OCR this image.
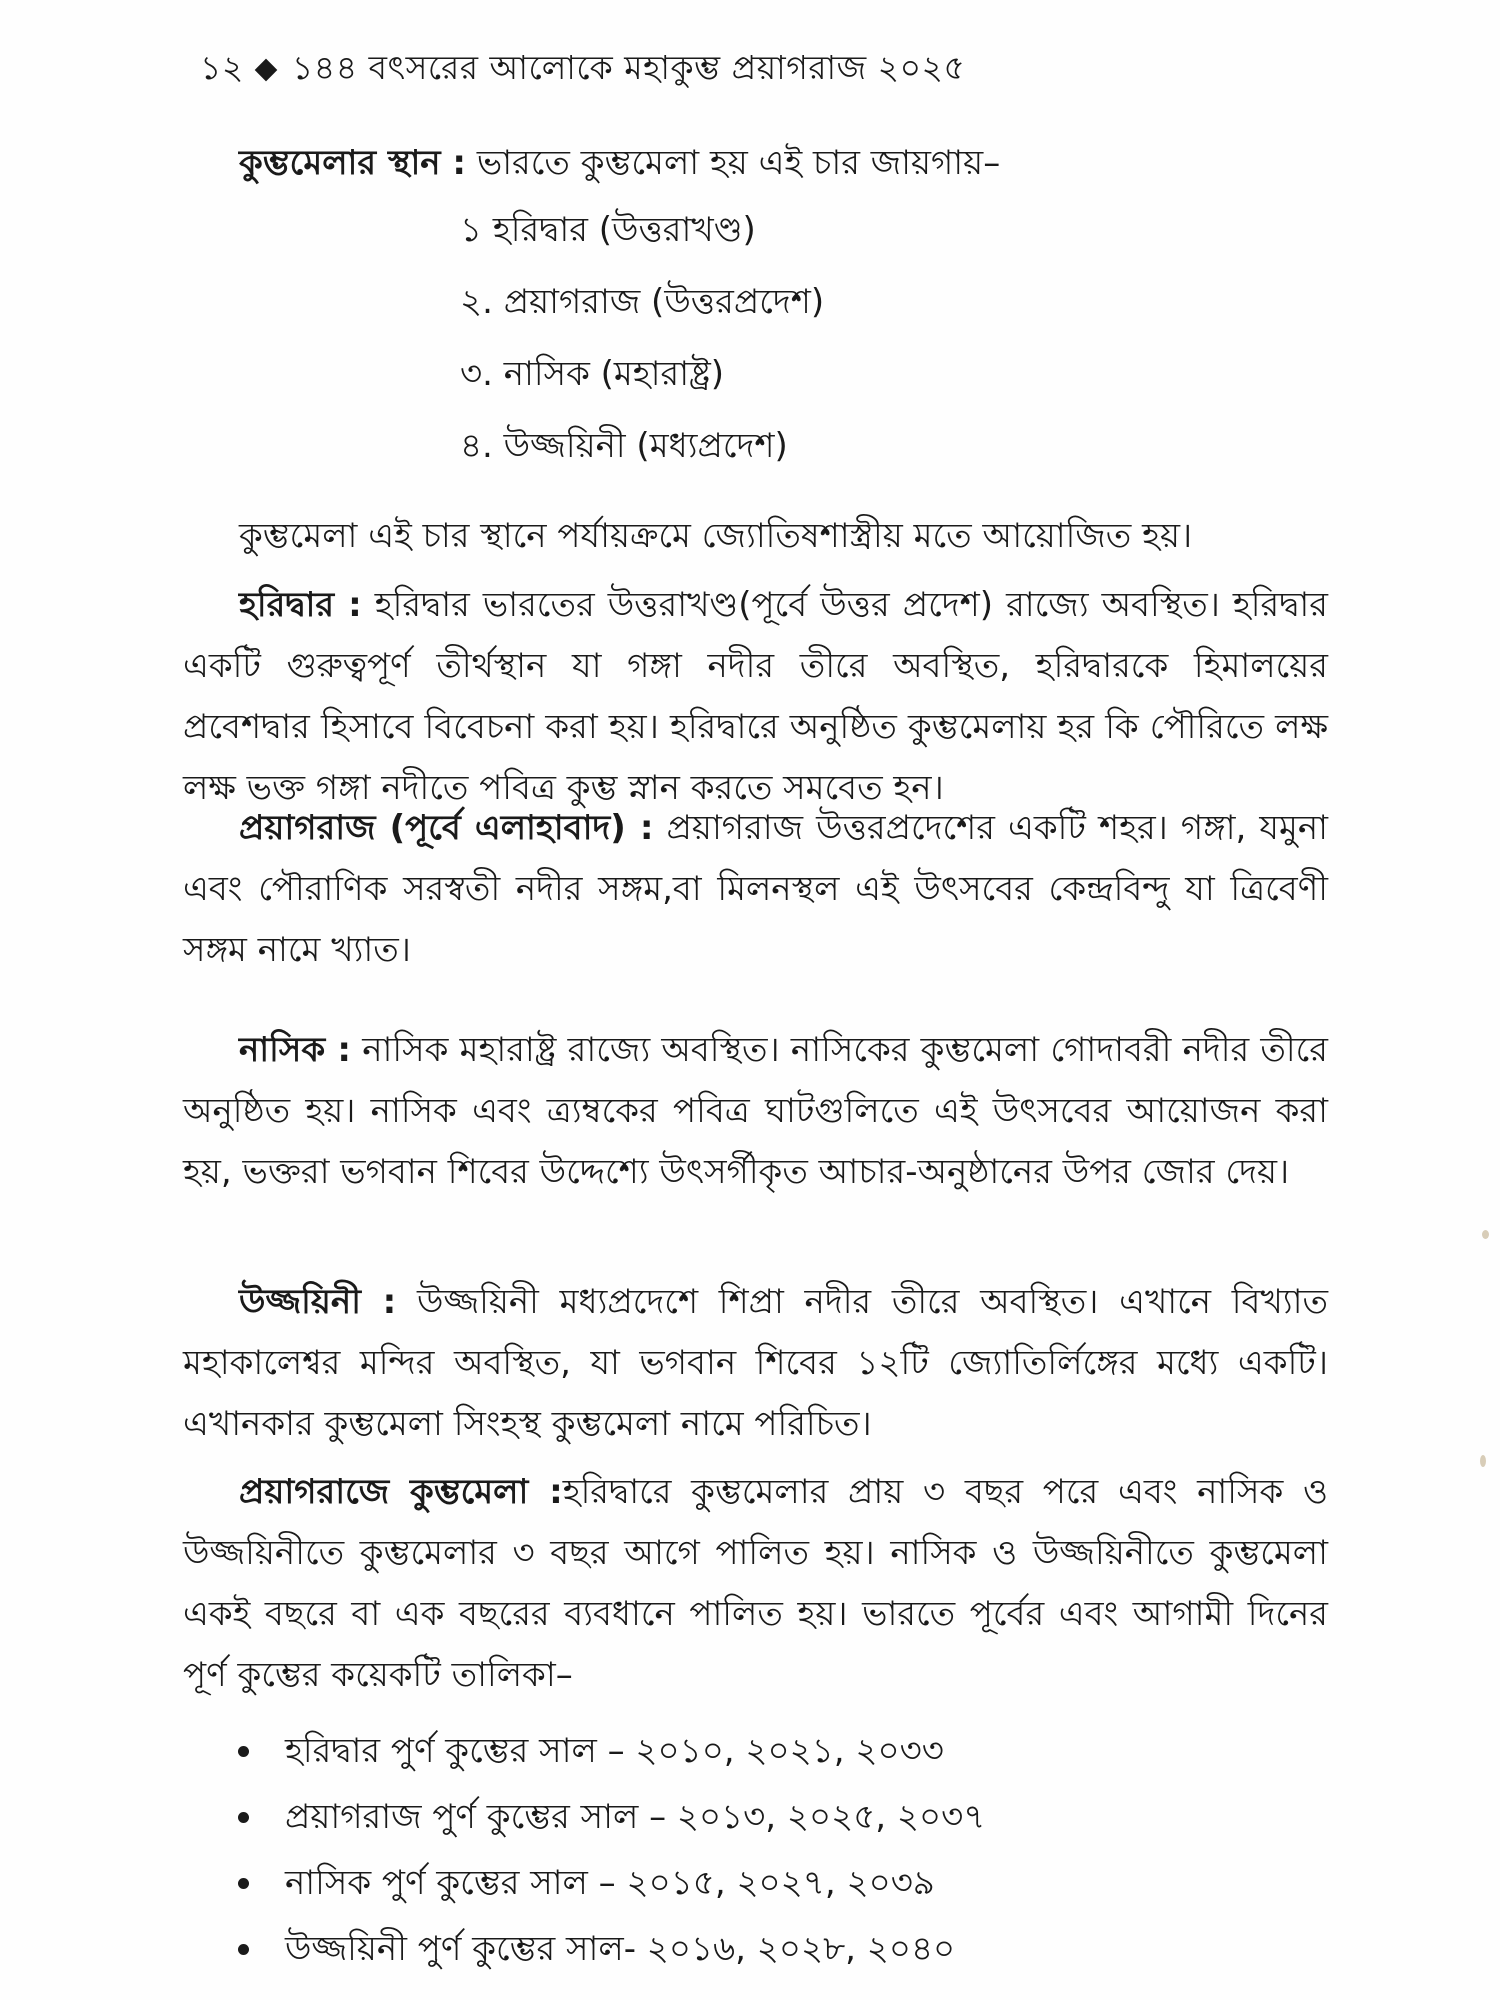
১২ ১৪৪ বৎসরের আলোকে মহাকুম্ভ প্রয়াগরাজ ২০২৫
কুম্ভমেলার স্থান : ভারতে কুম্ভমেলা হয় এই চার জায়গায়–
১ হরিদ্বার (উত্তরাখণ্ড)
২. প্রয়াগরাজ (উত্তরপ্রদেশ)
৩. নাসিক (মহারাষ্ট্র)
৪. উজ্জয়িনী (মধ্যপ্রদেশ)

কুম্ভমেলা এই চার স্থানে পর্যায়ক্রমে জ্যোতিষশাস্ত্রীয় মতে আয়োজিত হয়।

হরিদ্বার : হরিদ্বার ভারতের উত্তরাখণ্ড(পূর্বে উত্তর প্রদেশ) রাজ্যে অবস্থিত। হরিদ্বার একটি গুরুত্বপূর্ণ তীর্থস্থান যা গঙ্গা নদীর তীরে অবস্থিত, হরিদ্বারকে হিমালয়ের প্রবেশদ্বার হিসাবে বিবেচনা করা হয়। হরিদ্বারে অনুষ্ঠিত কুম্ভমেলায় হর কি পৌরিতে লক্ষ লক্ষ ভক্ত গঙ্গা নদীতে পবিত্র কুম্ভ স্নান করতে সমবেত হন।

প্রয়াগরাজ (পূর্বে এলাহাবাদ) : প্রয়াগরাজ উত্তরপ্রদেশের একটি শহর। গঙ্গা, যমুনা এবং পৌরাণিক সরস্বতী নদীর সঙ্গম,বা মিলনস্থল এই উৎসবের কেন্দ্রবিন্দু যা ত্রিবেণী সঙ্গম নামে খ্যাত।

নাসিক : নাসিক মহারাষ্ট্র রাজ্যে অবস্থিত। নাসিকের কুম্ভমেলা গোদাবরী নদীর তীরে অনুষ্ঠিত হয়। নাসিক এবং ত্র্যম্বকের পবিত্র ঘাটগুলিতে এই উৎসবের আয়োজন করা হয়, ভক্তরা ভগবান শিবের উদ্দেশ্যে উৎসর্গীকৃত আচার-অনুষ্ঠানের উপর জোর দেয়।

উজ্জয়িনী : উজ্জয়িনী মধ্যপ্রদেশে শিপ্রা নদীর তীরে অবস্থিত। এখানে বিখ্যাত মহাকালেশ্বর মন্দির অবস্থিত, যা ভগবান শিবের ১২টি জ্যোতির্লিঙ্গের মধ্যে একটি। এখানকার কুম্ভমেলা সিংহস্থ কুম্ভমেলা নামে পরিচিত।

প্রয়াগরাজে কুম্ভমেলা :হরিদ্বারে কুম্ভমেলার প্রায় ৩ বছর পরে এবং নাসিক ও উজ্জয়িনীতে কুম্ভমেলার ৩ বছর আগে পালিত হয়। নাসিক ও উজ্জয়িনীতে কুম্ভমেলা একই বছরে বা এক বছরের ব্যবধানে পালিত হয়। ভারতে পূর্বের এবং আগামী দিনের পূর্ণ কুম্ভের কয়েকটি তালিকা–

হরিদ্বার পুর্ণ কুম্ভের সাল – ২০১০, ২০২১, ২০৩৩
প্রয়াগরাজ পুর্ণ কুম্ভের সাল – ২০১৩, ২০২৫, ২০৩৭
নাসিক পুর্ণ কুম্ভের সাল – ২০১৫, ২০২৭, ২০৩৯
উজ্জয়িনী পুর্ণ কুম্ভের সাল- ২০১৬, ২০২৮, ২০৪০
